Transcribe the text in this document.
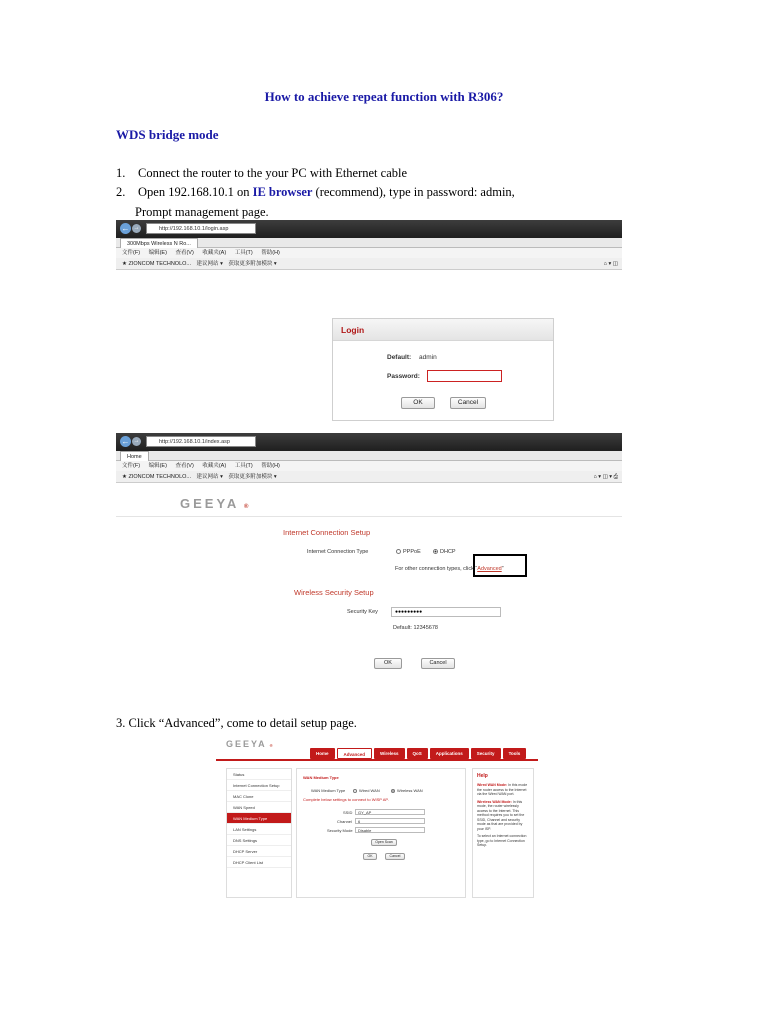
How to achieve repeat function with R306?
WDS bridge mode
1. Connect the router to the your PC with Ethernet cable
2. Open 192.168.10.1 on IE browser (recommend), type in password: admin,
Prompt management page.
← →	http://192.168.10.1/login.asp
300Mbps Wireless N Ro...
文件(F) 编辑(E) 查看(V) 收藏夹(A) 工具(T) 帮助(H)
★ ZIONCOM TECHNOLO... 建议网站 ▾ 获取更多附加模块 ▾	⌂ ▾ ◫
Login
Default: admin
Password:
OK	Cancel
← →	http://192.168.10.1/index.asp
Home
文件(F) 编辑(E) 查看(V) 收藏夹(A) 工具(T) 帮助(H)
★ ZIONCOM TECHNOLO... 建议网站 ▾ 获取更多附加模块 ▾	⌂ ▾ ◫ ▾ ⎙
GEEYA ®
Internet Connection Setup
Internet Connection Type	PPPoE	DHCP
For other connection types, click “Advanced”
Wireless Security Setup
Security Key	●●●●●●●●●
Default: 12345678
OK	Cancel
3. Click “Advanced”, come to detail setup page.
GEEYA ®
Home	Advanced	Wireless	QoS	Applications	Security	Tools
Status
Internet Connection Setup
MAC Clone
WAN Speed
WAN Medium Type
LAN Settings
DNS Settings
DHCP Server
DHCP Client List
WAN Medium Type
WAN Medium Type	Wired WAN	Wireless WAN
Complete below settings to connect to WISP AP.
SSID	GY_AP
Channel	6
Security Mode	Disable
Open Scan
OK	Cancel
Help
Wired WAN Mode: In this mode the router access to the Internet via the Wired WAN port.
Wireless WAN Mode: In this mode, the router wirelessly access to the Internet. This method requires you to set the SSID, Channel and security mode as that are provided by your ISP.
To select an Internet connection type, go to Internet Connection Setup.
